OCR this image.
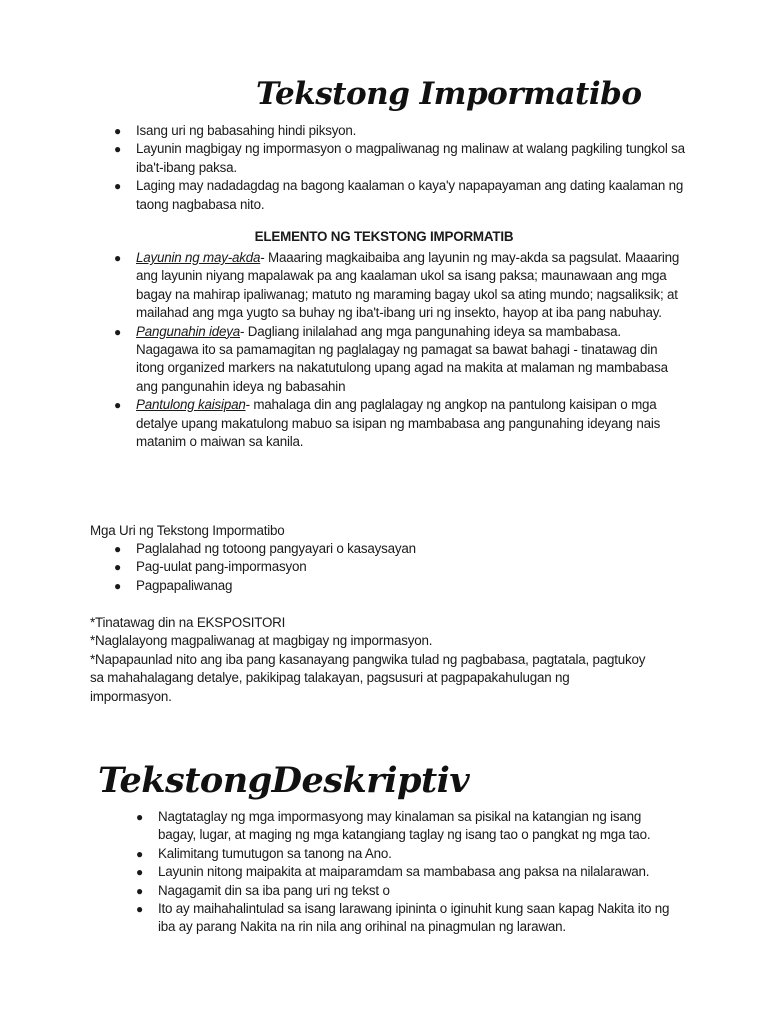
Tekstong Impormatibo
● Isang uri ng babasahing hindi piksyon.
● Layunin magbigay ng impormasyon o magpaliwanag ng malinaw at walang pagkiling tungkol sa iba't-ibang paksa.
● Laging may nadadagdag na bagong kaalaman o kaya'y napapayaman ang dating kaalaman ng taong nagbabasa nito.
ELEMENTO NG TEKSTONG IMPORMATIB
● Layunin ng may-akda- Maaaring magkaibaiba ang layunin ng may-akda sa pagsulat. Maaaring ang layunin niyang mapalawak pa ang kaalaman ukol sa isang paksa; maunawaan ang mga bagay na mahirap ipaliwanag; matuto ng maraming bagay ukol sa ating mundo; nagsaliksik; at mailahad ang mga yugto sa buhay ng iba't-ibang uri ng insekto, hayop at iba pang nabuhay.
● Pangunahin ideya- Dagliang inilalahad ang mga pangunahing ideya sa mambabasa. Nagagawa ito sa pamamagitan ng paglalagay ng pamagat sa bawat bahagi - tinatawag din itong organized markers na nakatutulong upang agad na makita at malaman ng mambabasa ang pangunahin ideya ng babasahin
● Pantulong kaisipan- mahalaga din ang paglalagay ng angkop na pantulong kaisipan o mga detalye upang makatulong mabuo sa isipan ng mambabasa ang pangunahing ideyang nais matanim o maiwan sa kanila.
Mga Uri ng Tekstong Impormatibo
● Paglalahad ng totoong pangyayari o kasaysayan
● Pag-uulat pang-impormasyon
● Pagpapaliwanag
*Tinatawag din na EKSPOSITORI
*Naglalayong magpaliwanag at magbigay ng impormasyon.
*Napapaunlad nito ang iba pang kasanayang pangwika tulad ng pagbabasa, pagtatala, pagtukoy sa mahahalagang detalye, pakikipag talakayan, pagsusuri at pagpapakahulugan ng impormasyon.
TekstongDeskriptiv
● Nagtataglay ng mga impormasyong may kinalaman sa pisikal na katangian ng isang bagay, lugar, at maging ng mga katangiang taglay ng isang tao o pangkat ng mga tao.
● Kalimitang tumutugon sa tanong na Ano.
● Layunin nitong maipakita at maiparamdam sa mambabasa ang paksa na nilalarawan.
● Nagagamit din sa iba pang uri ng tekst o
● Ito ay maihahalintulad sa isang larawang ipininta o iginuhit kung saan kapag Nakita ito ng iba ay parang Nakita na rin nila ang orihinal na pinagmulan ng larawan.
